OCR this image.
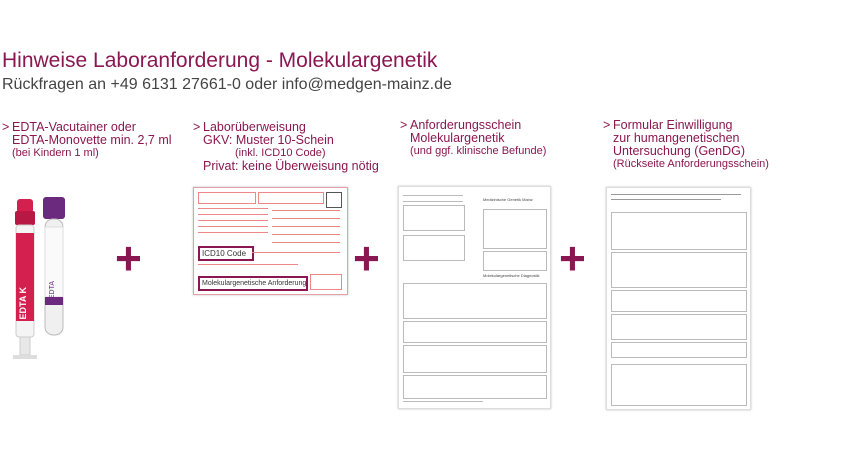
Hinweise Laboranforderung - Molekulargenetik
Rückfragen an +49 6131 27661-0 oder info@medgen-mainz.de
> EDTA-Vacutainer oder
EDTA-Monovette min. 2,7 ml
(bei Kindern 1 ml)
> Laborüberweisung
GKV: Muster 10-Schein
(inkl. ICD10 Code)
Privat: keine Überweisung nötig
> Anforderungsschein
Molekulargenetik
(und ggf. klinische Befunde)
> Formular Einwilligung
zur humangenetischen
Untersuchung (GenDG)
(Rückseite Anforderungsschein)
EDTA K	EDTA
+	ICD10 Code
Molekulargenetische Anforderung +
Medizinische Genetik Mainz
Molekulargenetische Diagnostik +
